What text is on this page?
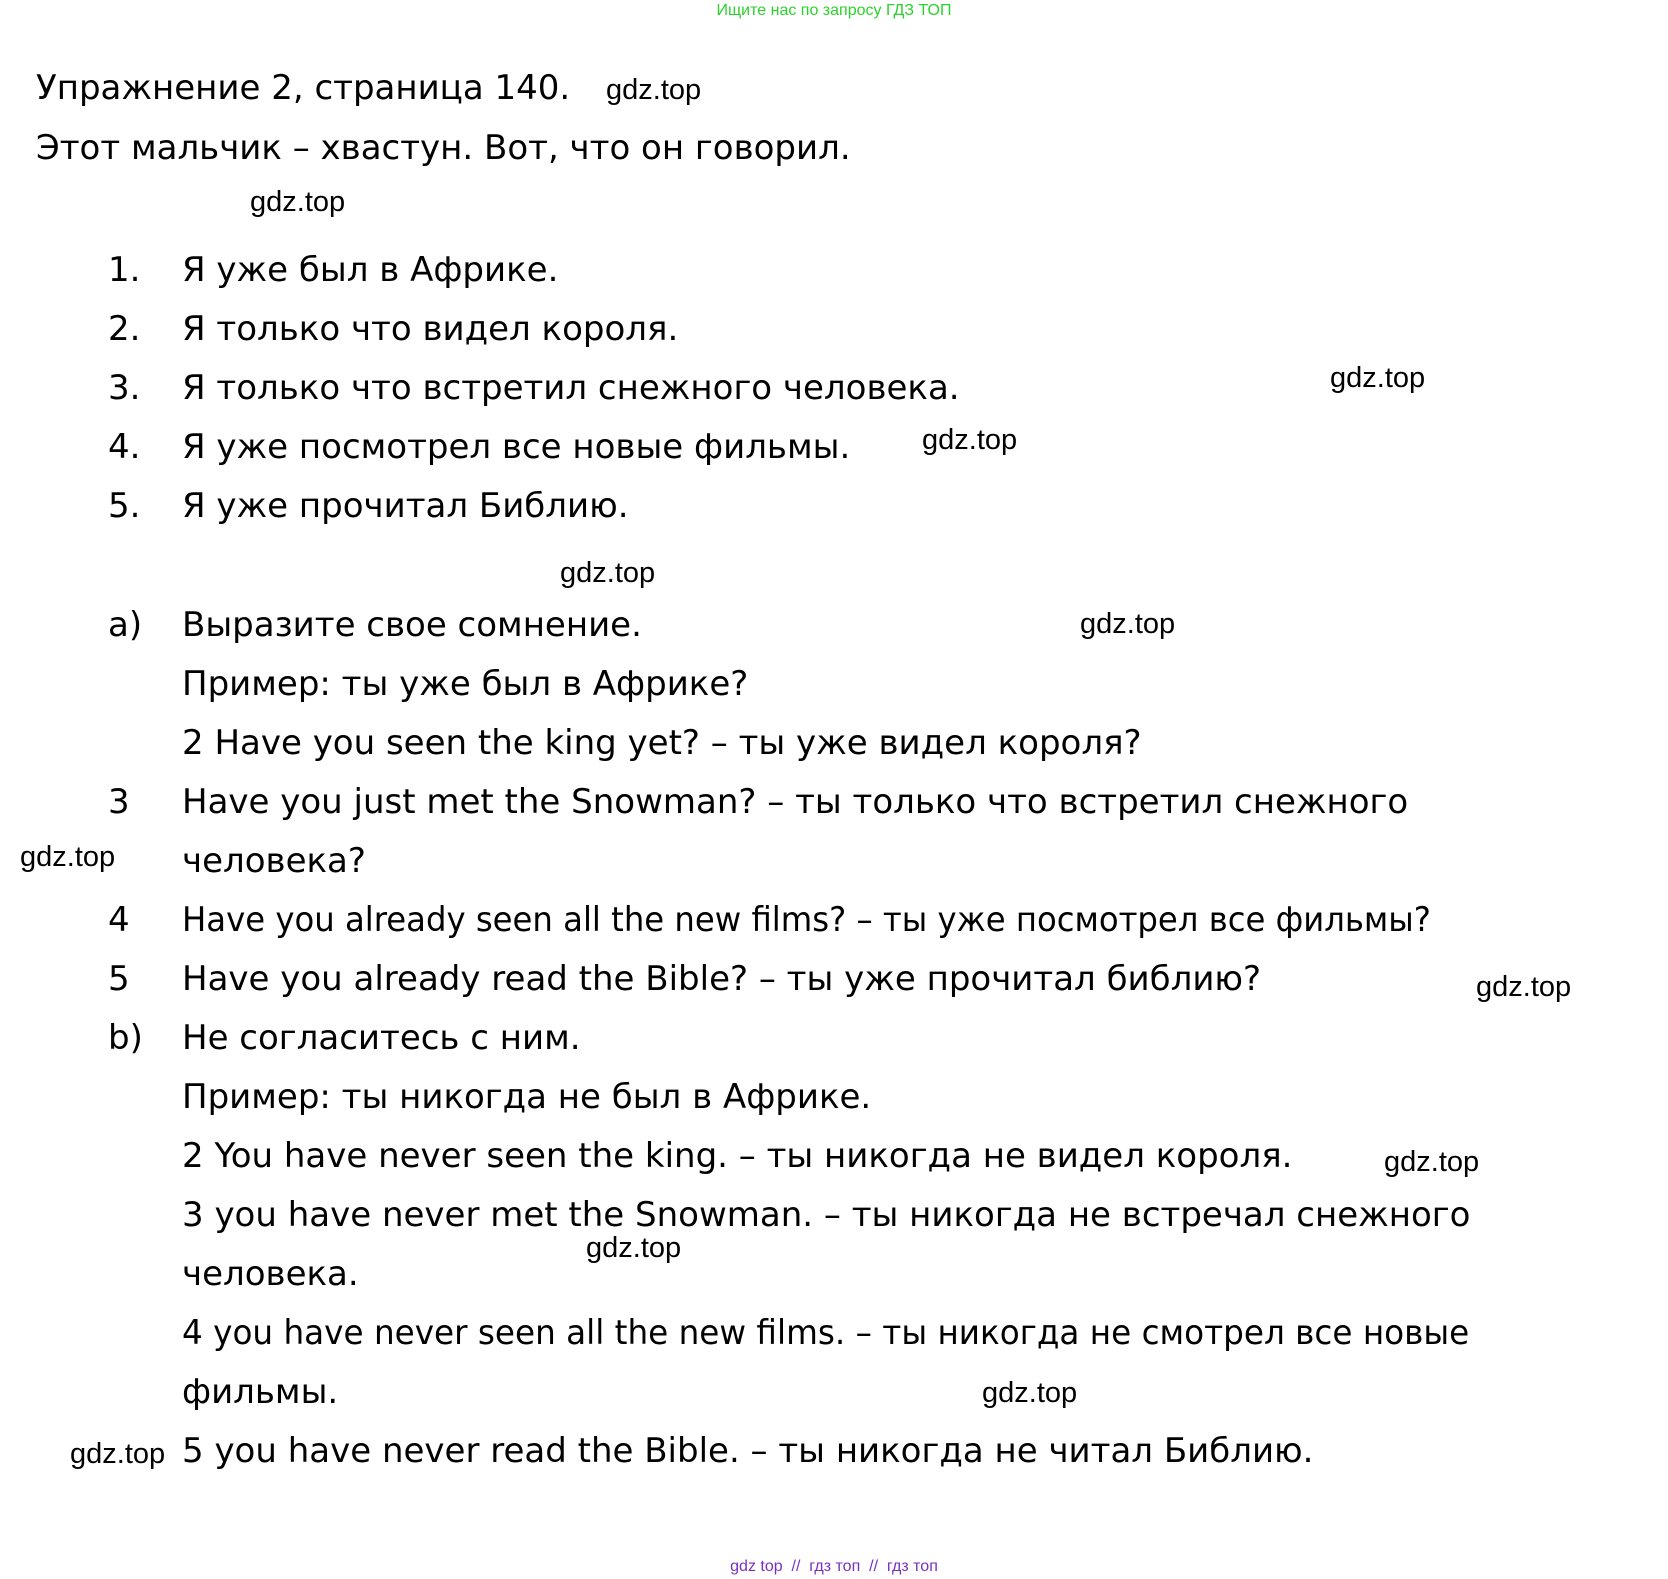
Ищите нас по запросу ГДЗ ТОП
Упражнение 2, страница 140. gdz.top
Этот мальчик – хвастун. Вот, что он говорил.
gdz.top
1. Я уже был в Африке.
2. Я только что видел короля.
3. Я только что встретил снежного человека.	gdz.top
4. Я уже посмотрел все новые фильмы. gdz.top
5. Я уже прочитал Библию.
gdz.top
a) Выразите свое сомнение.	gdz.top
Пример: ты уже был в Африке?
2 Have you seen the king yet? – ты уже видел короля?
3 Have you just met the Snowman? – ты только что встретил снежного
gdz.top человека?
4 Have you already seen all the new films? – ты уже посмотрел все фильмы?
5 Have you already read the Bible? – ты уже прочитал библию?	gdz.top
b) Не согласитесь с ним.
Пример: ты никогда не был в Африке.
2 You have never seen the king. – ты никогда не видел короля.	gdz.top
3 you have never met the Snowman. – ты никогда не встречал снежного
gdz.top
человека.
4 you have never seen all the new films. – ты никогда не смотрел все новые
фильмы.	gdz.top
gdz.top 5 you have never read the Bible. – ты никогда не читал Библию.
gdz top  //  гдз топ  //  гдз топ
